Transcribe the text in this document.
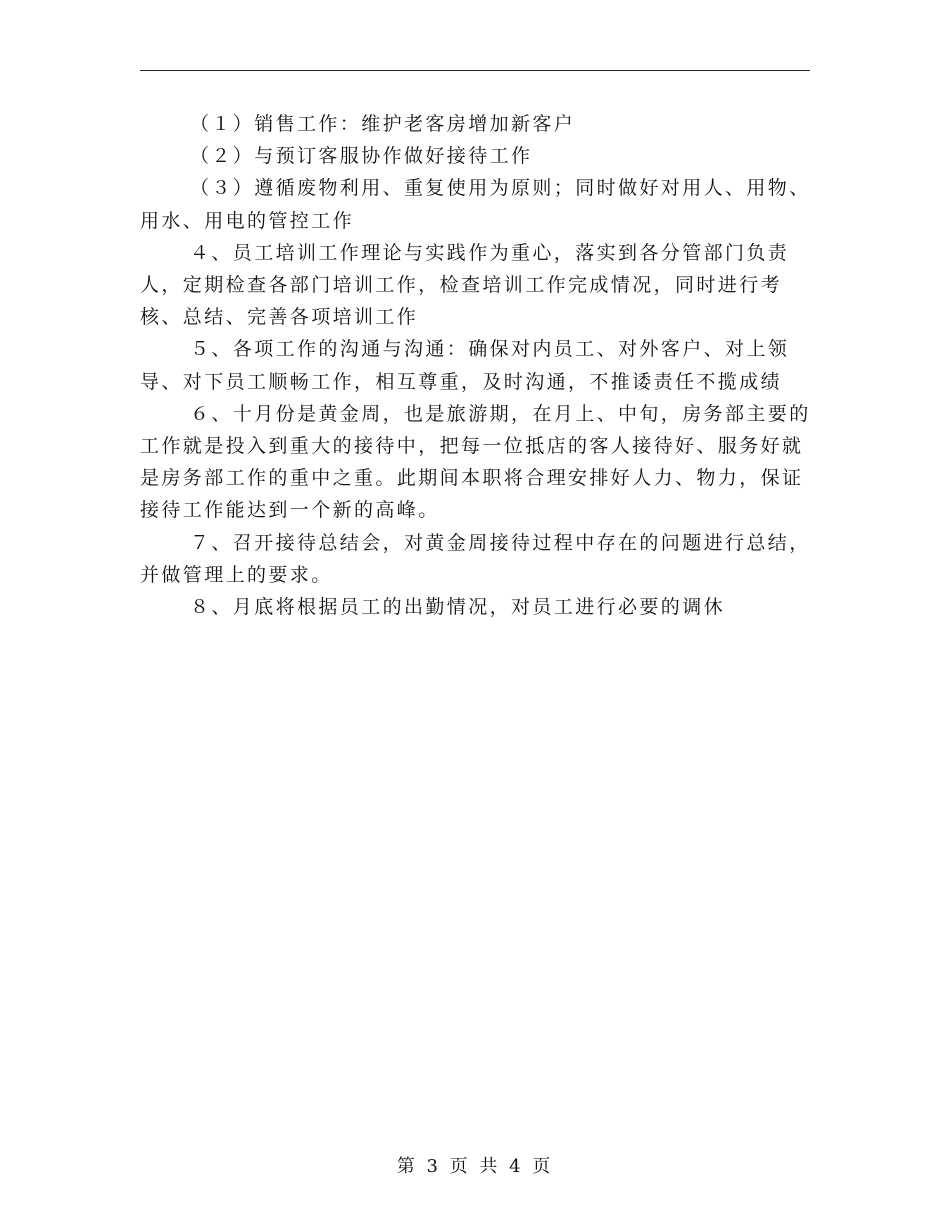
（１）销售工作：维护老客房增加新客户

（２）与预订客服协作做好接待工作

（３）遵循废物利用、重复使用为原则；同时做好对用人、用物、用水、用电的管控工作

４、员工培训工作理论与实践作为重心，落实到各分管部门负责人，定期检查各部门培训工作，检查培训工作完成情况，同时进行考核、总结、完善各项培训工作

５、各项工作的沟通与沟通：确保对内员工、对外客户、对上领导、对下员工顺畅工作，相互尊重，及时沟通，不推诿责任不揽成绩

６、十月份是黄金周，也是旅游期，在月上、中旬，房务部主要的工作就是投入到重大的接待中，把每一位抵店的客人接待好、服务好就是房务部工作的重中之重。此期间本职将合理安排好人力、物力，保证接待工作能达到一个新的高峰。

７、召开接待总结会，对黄金周接待过程中存在的问题进行总结，并做管理上的要求。

８、月底将根据员工的出勤情况，对员工进行必要的调休

第 3 页 共 4 页
